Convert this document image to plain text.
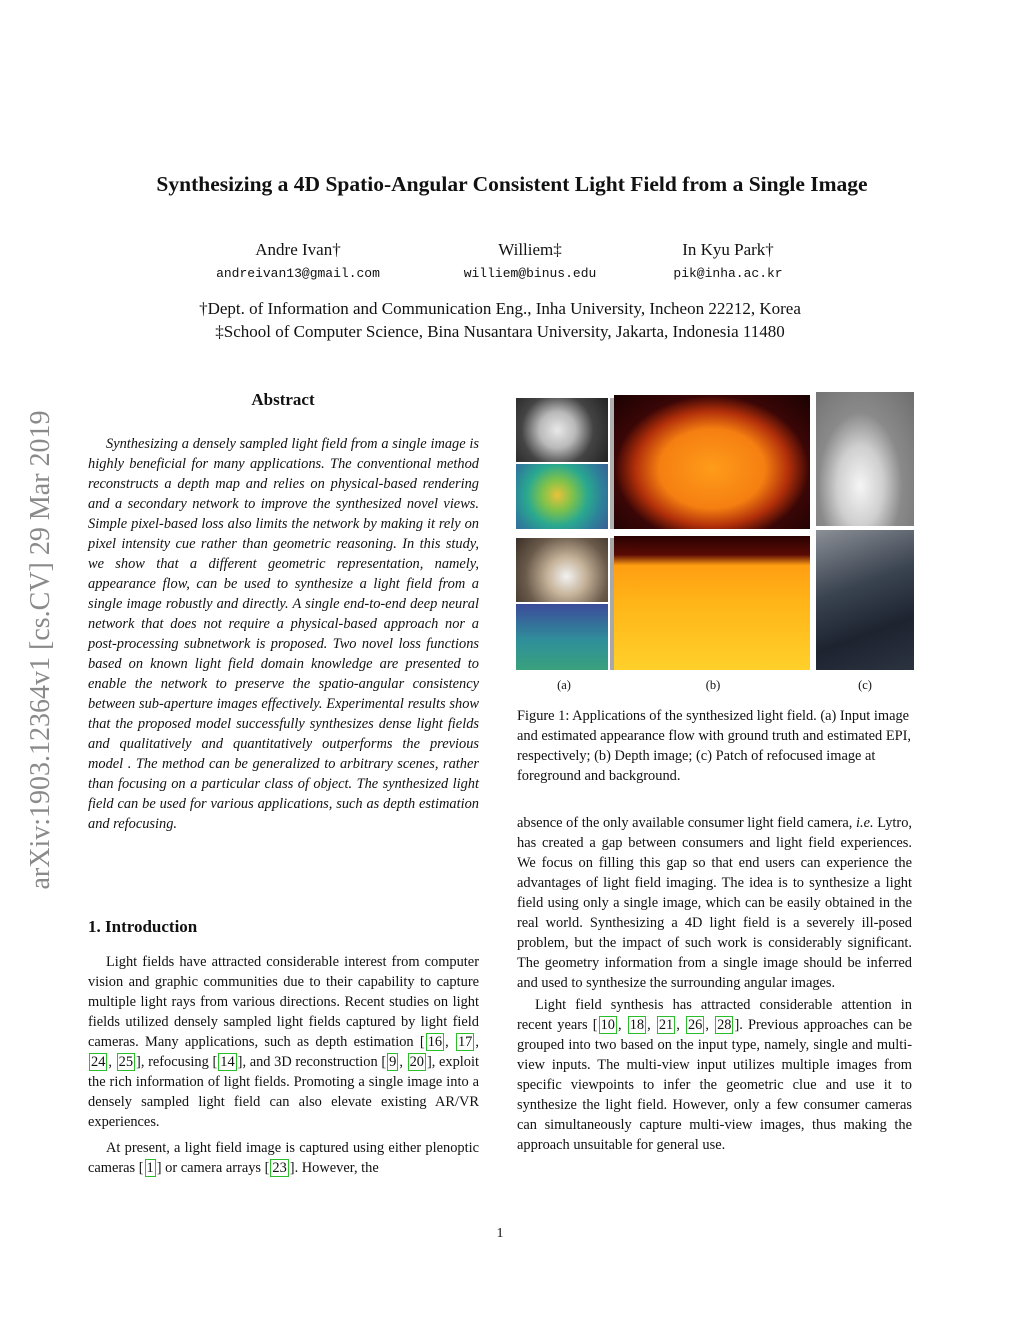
arXiv:1903.12364v1 [cs.CV] 29 Mar 2019
Synthesizing a 4D Spatio-Angular Consistent Light Field from a Single Image
Andre Ivan†
andreivan13@gmail.com
Williem‡
williem@binus.edu
In Kyu Park†
pik@inha.ac.kr
†Dept. of Information and Communication Eng., Inha University, Incheon 22212, Korea
‡School of Computer Science, Bina Nusantara University, Jakarta, Indonesia 11480
Abstract

Synthesizing a densely sampled light field from a single image is highly beneficial for many applications. The conventional method reconstructs a depth map and relies on physical-based rendering and a secondary network to improve the synthesized novel views. Simple pixel-based loss also limits the network by making it rely on pixel intensity cue rather than geometric reasoning. In this study, we show that a different geometric representation, namely, appearance flow, can be used to synthesize a light field from a single image robustly and directly. A single end-to-end deep neural network that does not require a physical-based approach nor a post-processing subnetwork is proposed. Two novel loss functions based on known light field domain knowledge are presented to enable the network to preserve the spatio-angular consistency between sub-aperture images effectively. Experimental results show that the proposed model successfully synthesizes dense light fields and qualitatively and quantitatively outperforms the previous model . The method can be generalized to arbitrary scenes, rather than focusing on a particular class of object. The synthesized light field can be used for various applications, such as depth estimation and refocusing.

1. Introduction

Light fields have attracted considerable interest from computer vision and graphic communities due to their capability to capture multiple light rays from various directions. Recent studies on light fields utilized densely sampled light fields captured by light field cameras. Many applications, such as depth estimation [ 16 , 17 , 24 , 25 ], refocusing [ 14 ], and 3D reconstruction [ 9 , 20 ], exploit the rich information of light fields. Promoting a single image into a densely sampled light field can also elevate existing AR/VR experiences.

At present, a light field image is captured using either plenoptic cameras [ 1 ] or camera arrays [ 23 ]. However, the

(a)	(b)	(c)
Figure 1: Applications of the synthesized light field. (a) Input image and estimated appearance flow with ground truth and estimated EPI, respectively; (b) Depth image; (c) Patch of refocused image at foreground and background.

absence of the only available consumer light field camera, i.e. Lytro, has created a gap between consumers and light field experiences. We focus on filling this gap so that end users can experience the advantages of light field imaging. The idea is to synthesize a light field using only a single image, which can be easily obtained in the real world. Synthesizing a 4D light field is a severely ill-posed problem, but the impact of such work is considerably significant. The geometry information from a single image should be inferred and used to synthesize the surrounding angular images.

Light field synthesis has attracted considerable attention in recent years [ 10 , 18 , 21 , 26 , 28 ]. Previous approaches can be grouped into two based on the input type, namely, single and multi-view inputs. The multi-view input utilizes multiple images from specific viewpoints to infer the geometric clue and use it to synthesize the light field. However, only a few consumer cameras can simultaneously capture multi-view images, thus making the approach unsuitable for general use.

1
